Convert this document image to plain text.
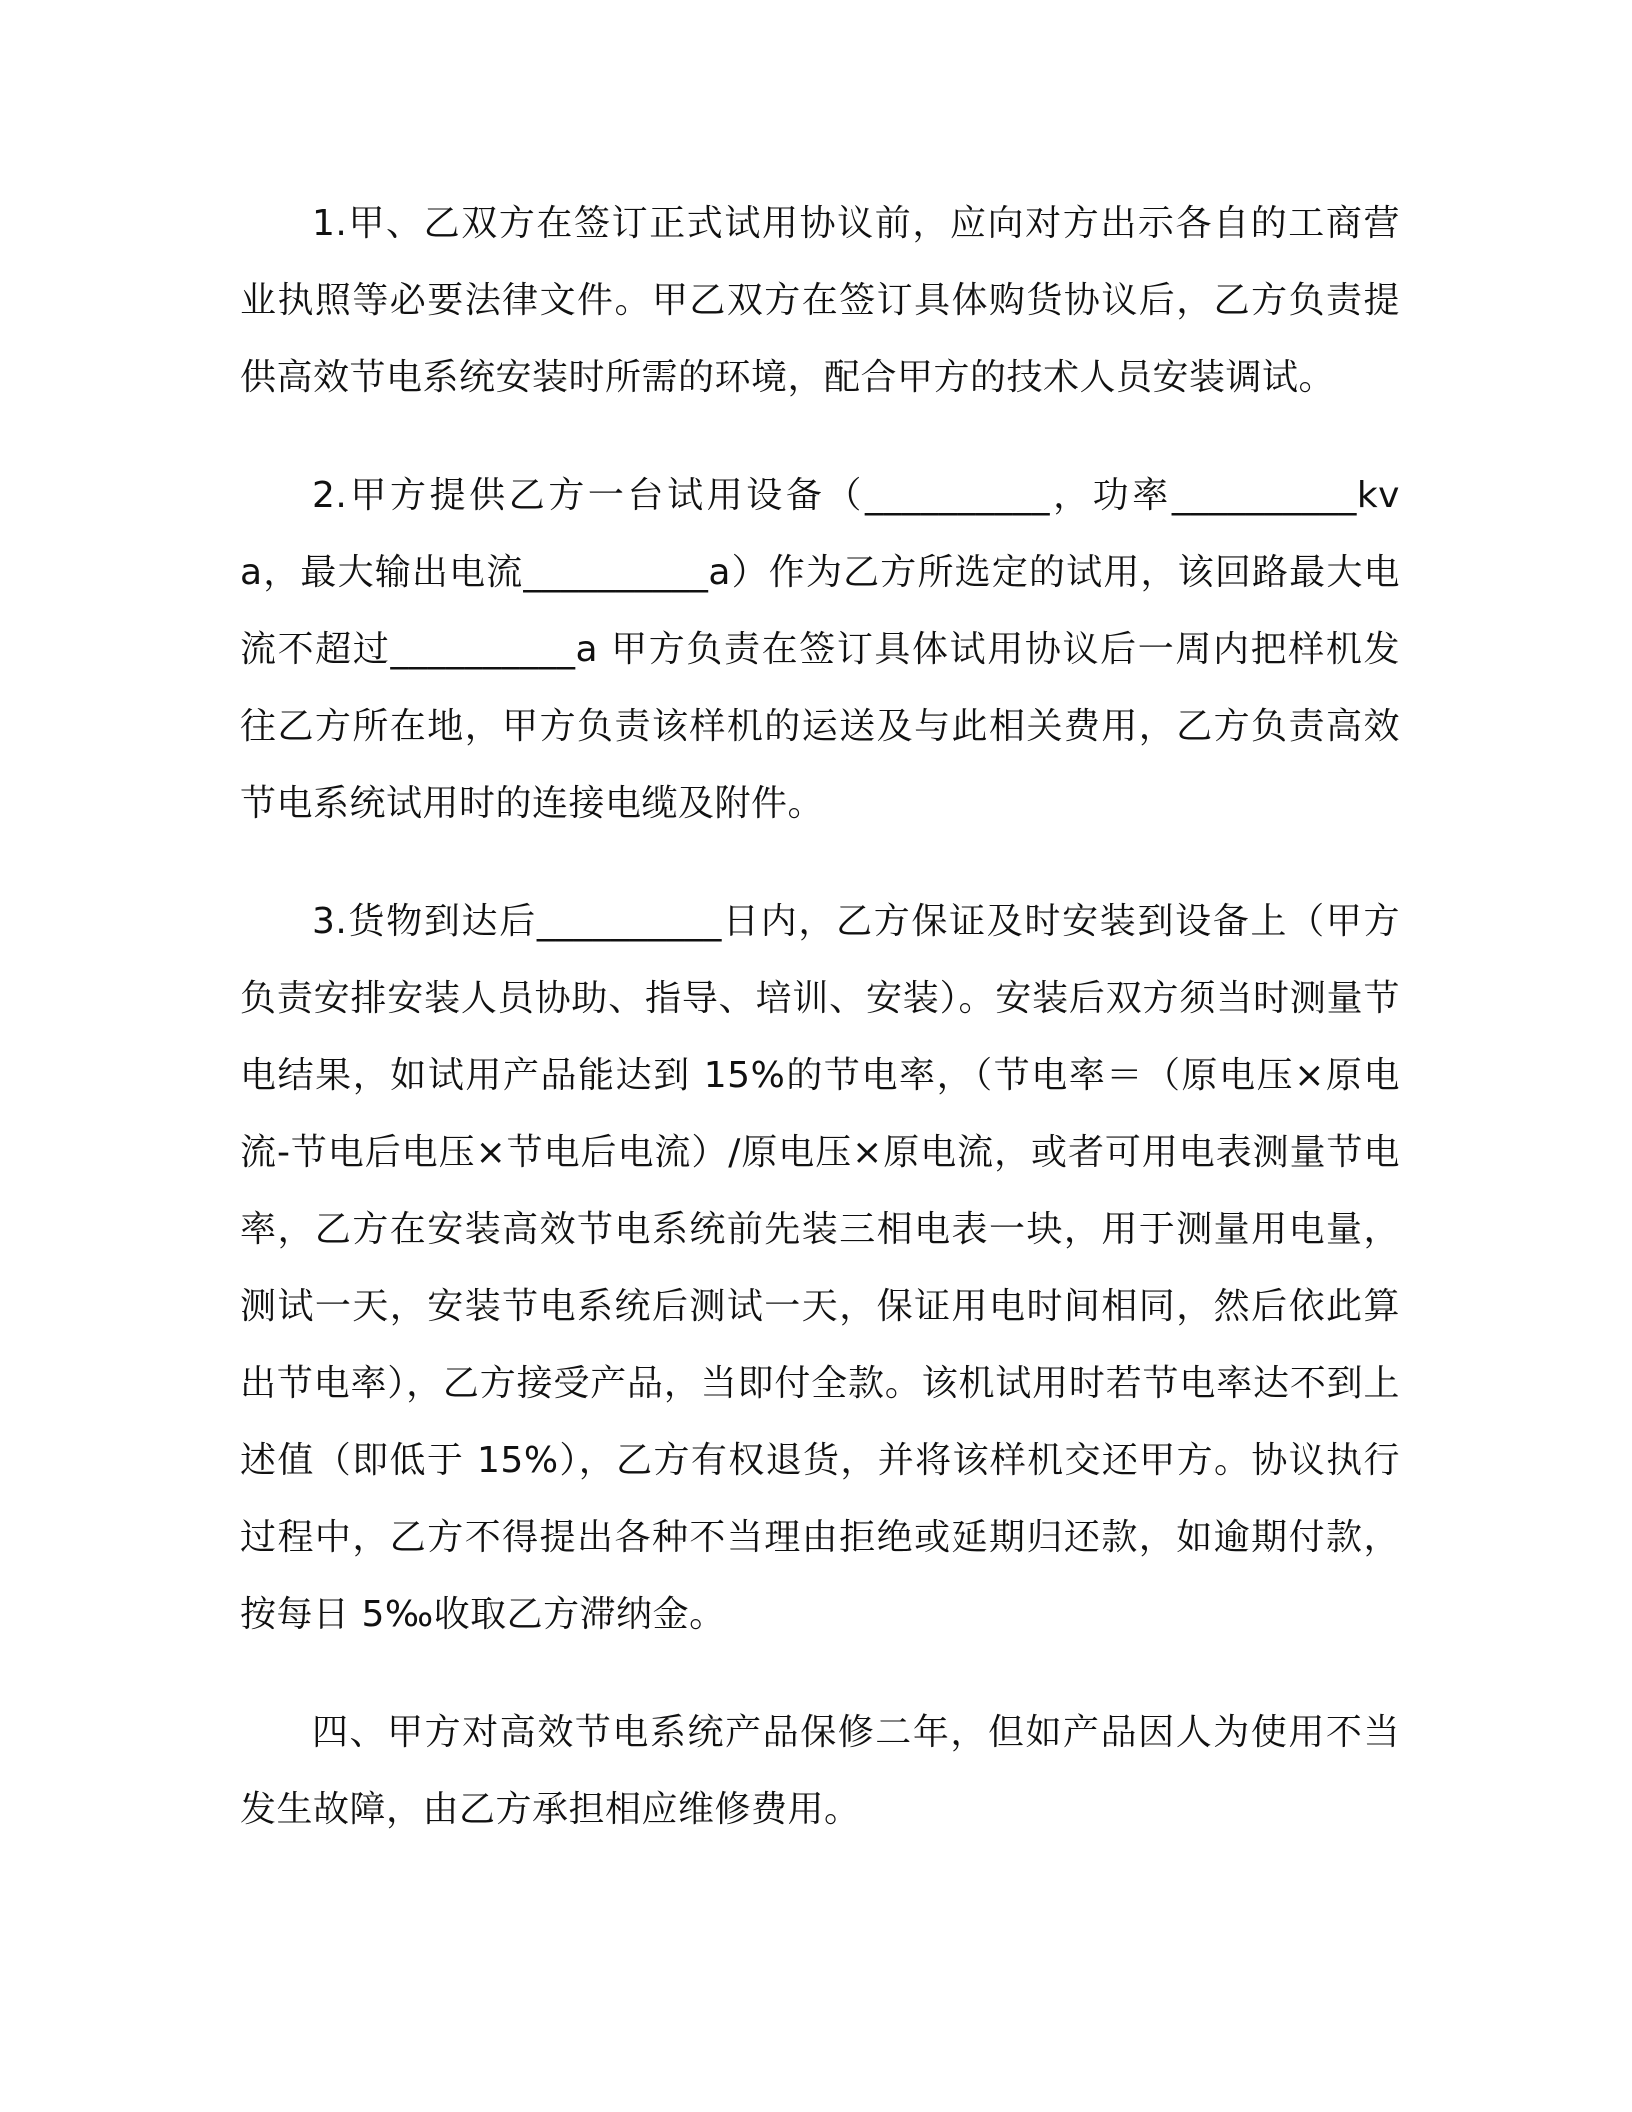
1.甲、乙双方在签订正式试用协议前，应向对方出示各自的工商营业执照等必要法律文件。甲乙双方在签订具体购货协议后，乙方负责提供高效节电系统安装时所需的环境，配合甲方的技术人员安装调试。

2.甲方提供乙方一台试用设备（__________，功率__________kva，最大输出电流__________a）作为乙方所选定的试用，该回路最大电流不超过__________a 甲方负责在签订具体试用协议后一周内把样机发往乙方所在地，甲方负责该样机的运送及与此相关费用，乙方负责高效节电系统试用时的连接电缆及附件。

3.货物到达后__________日内，乙方保证及时安装到设备上（甲方负责安排安装人员协助、指导、培训、安装）。安装后双方须当时测量节电结果，如试用产品能达到 15%的节电率，（节电率＝（原电压×原电流-节电后电压×节电后电流）/原电压×原电流，或者可用电表测量节电率，乙方在安装高效节电系统前先装三相电表一块，用于测量用电量，测试一天，安装节电系统后测试一天，保证用电时间相同，然后依此算出节电率），乙方接受产品，当即付全款。该机试用时若节电率达不到上述值（即低于 15%），乙方有权退货，并将该样机交还甲方。协议执行过程中，乙方不得提出各种不当理由拒绝或延期归还款，如逾期付款，按每日 5‰收取乙方滞纳金。

四、甲方对高效节电系统产品保修二年，但如产品因人为使用不当发生故障，由乙方承担相应维修费用。
